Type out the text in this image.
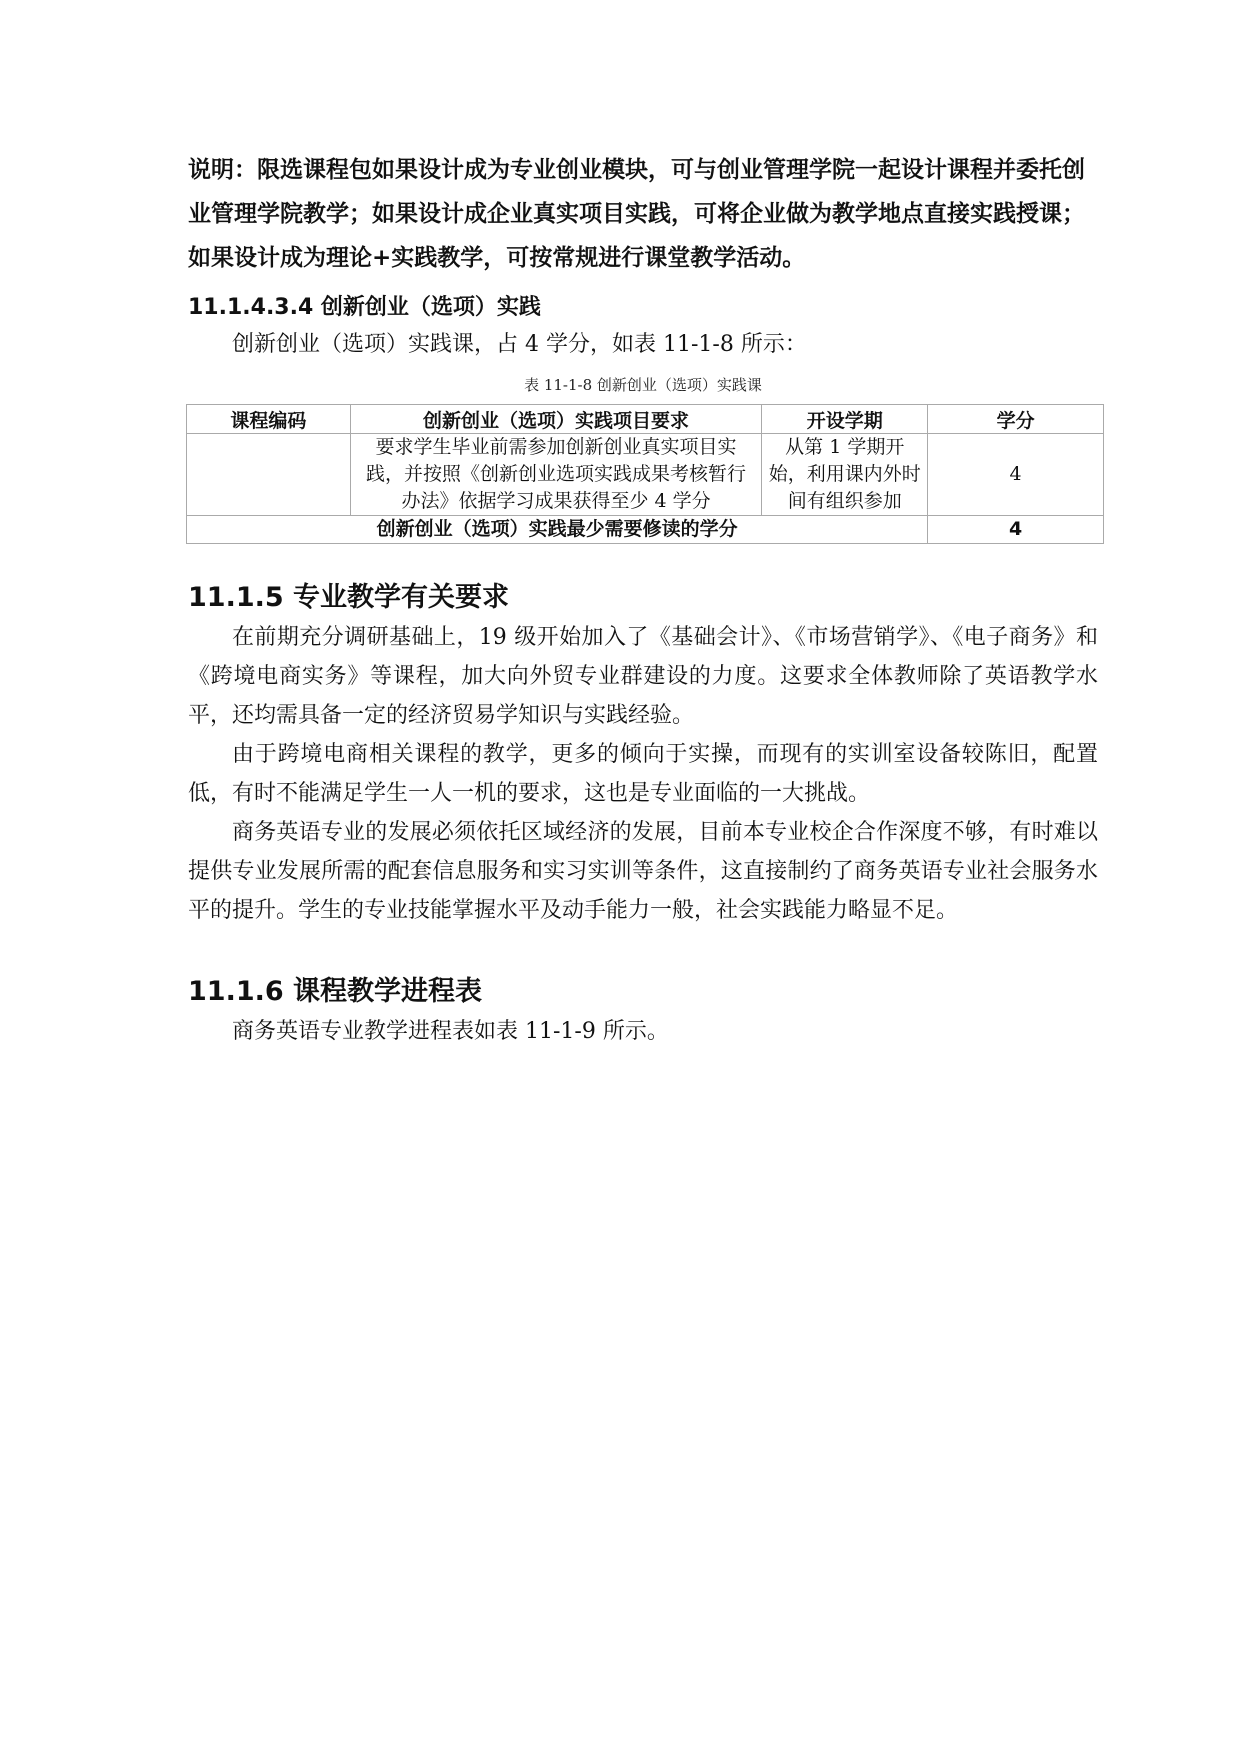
说明：限选课程包如果设计成为专业创业模块，可与创业管理学院一起设计课程并委托创业管理学院教学；如果设计成企业真实项目实践，可将企业做为教学地点直接实践授课；如果设计成为理论+实践教学，可按常规进行课堂教学活动。

11.1.4.3.4 创新创业（选项）实践

创新创业（选项）实践课，占 4 学分，如表 11-1-8 所示：

表 11-1-8 创新创业（选项）实践课
课程编码	创新创业（选项）实践项目要求	开设学期	学分
	要求学生毕业前需参加创新创业真实项目实践，并按照《创新创业选项实践成果考核暂行办法》依据学习成果获得至少 4 学分	从第 1 学期开始，利用课内外时间有组织参加	4
创新创业（选项）实践最少需要修读的学分			4
11.1.5 专业教学有关要求

在前期充分调研基础上，19 级开始加入了《基础会计》、《市场营销学》、《电子商务》和《跨境电商实务》等课程，加大向外贸专业群建设的力度。这要求全体教师除了英语教学水平，还均需具备一定的经济贸易学知识与实践经验。

由于跨境电商相关课程的教学，更多的倾向于实操，而现有的实训室设备较陈旧，配置低，有时不能满足学生一人一机的要求，这也是专业面临的一大挑战。

商务英语专业的发展必须依托区域经济的发展，目前本专业校企合作深度不够，有时难以提供专业发展所需的配套信息服务和实习实训等条件，这直接制约了商务英语专业社会服务水平的提升。学生的专业技能掌握水平及动手能力一般，社会实践能力略显不足。

11.1.6 课程教学进程表

商务英语专业教学进程表如表 11-1-9 所示。
